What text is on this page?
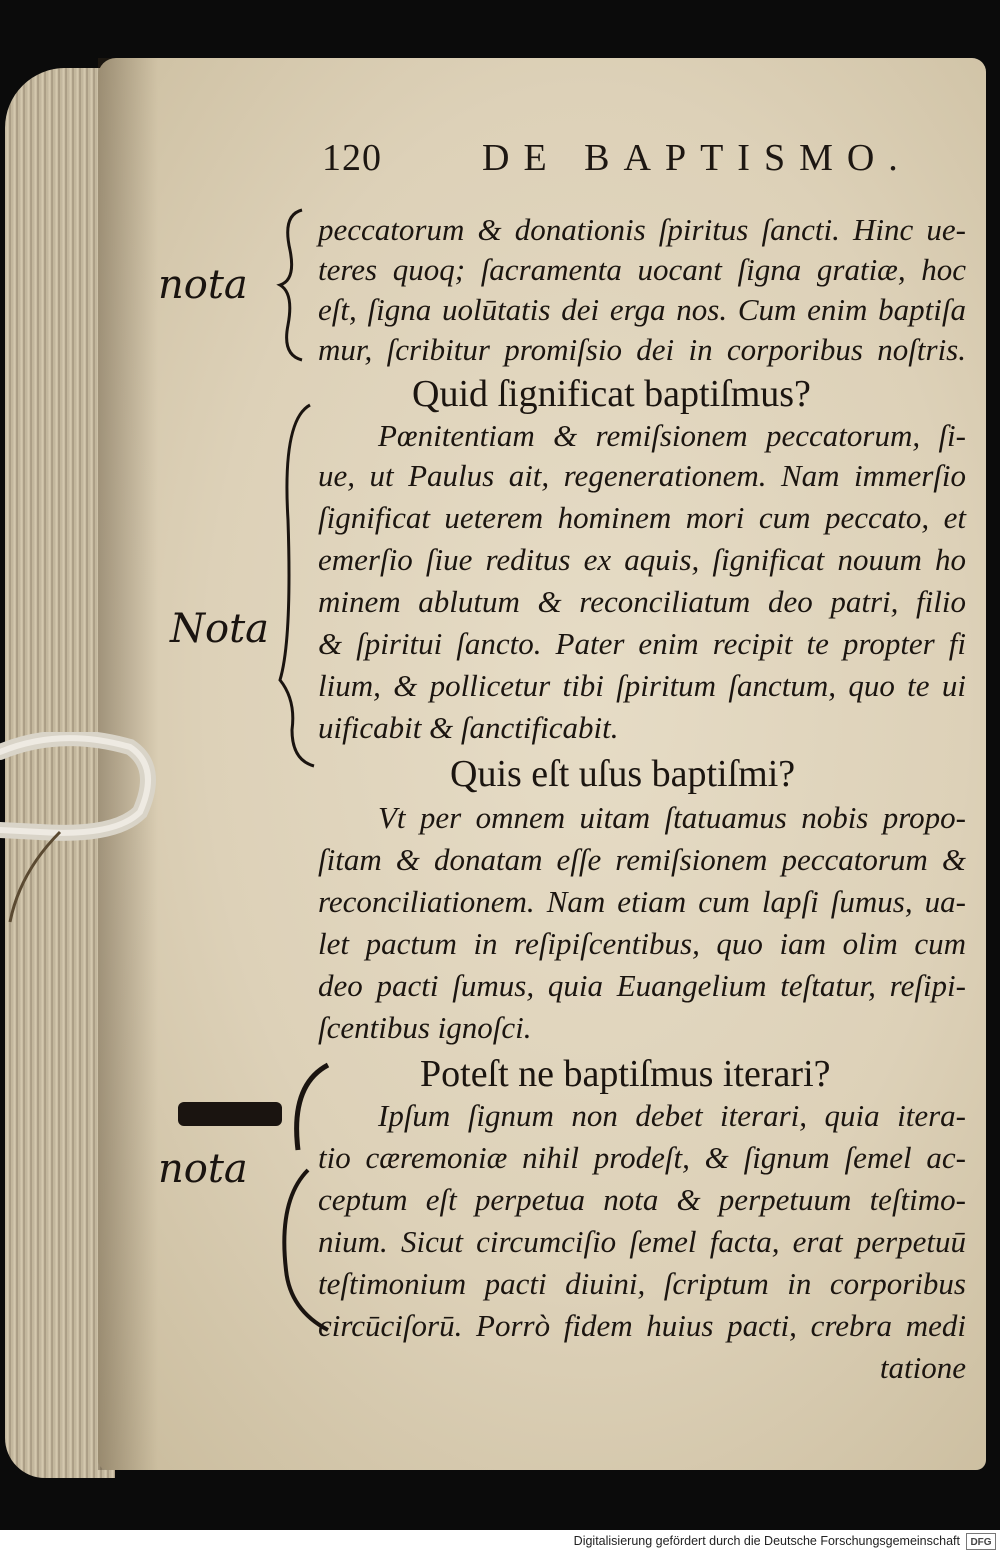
120	DE BAPTISMO.
peccatorum & donationis ſpiritus ſancti. Hinc ue-
teres quoq; ſacramenta uocant ſigna gratiæ, hoc
eſt, ſigna uolūtatis dei erga nos. Cum enim baptiſa
mur, ſcribitur promiſsio dei in corporibus noſtris.
Quid ſignificat baptiſmus?
Pœnitentiam & remiſsionem peccatorum, ſi-
ue, ut Paulus ait, regenerationem. Nam immerſio
ſignificat ueterem hominem mori cum peccato, et
emerſio ſiue reditus ex aquis, ſignificat nouum ho
minem ablutum & reconciliatum deo patri, filio
& ſpiritui ſancto. Pater enim recipit te propter fi
lium, & pollicetur tibi ſpiritum ſanctum, quo te ui
uificabit & ſanctificabit.
Quis eſt uſus baptiſmi?
Vt per omnem uitam ſtatuamus nobis propo-
ſitam & donatam eſſe remiſsionem peccatorum &
reconciliationem. Nam etiam cum lapſi ſumus, ua-
let pactum in reſipiſcentibus, quo iam olim cum
deo pacti ſumus, quia Euangelium teſtatur, reſipi-
ſcentibus ignoſci.
Poteſt ne baptiſmus iterari?
Ipſum ſignum non debet iterari, quia itera-
tio cæremoniæ nihil prodeſt, & ſignum ſemel ac-
ceptum eſt perpetua nota & perpetuum teſtimo-
nium. Sicut circumciſio ſemel facta, erat perpetuū
teſtimonium pacti diuini, ſcriptum in corporibus
circūciſorū. Porrò fidem huius pacti, crebra medi
tatione
nota
Nota
nota
Digitalisierung gefördert durch die Deutsche Forschungsgemeinschaft	DFG
